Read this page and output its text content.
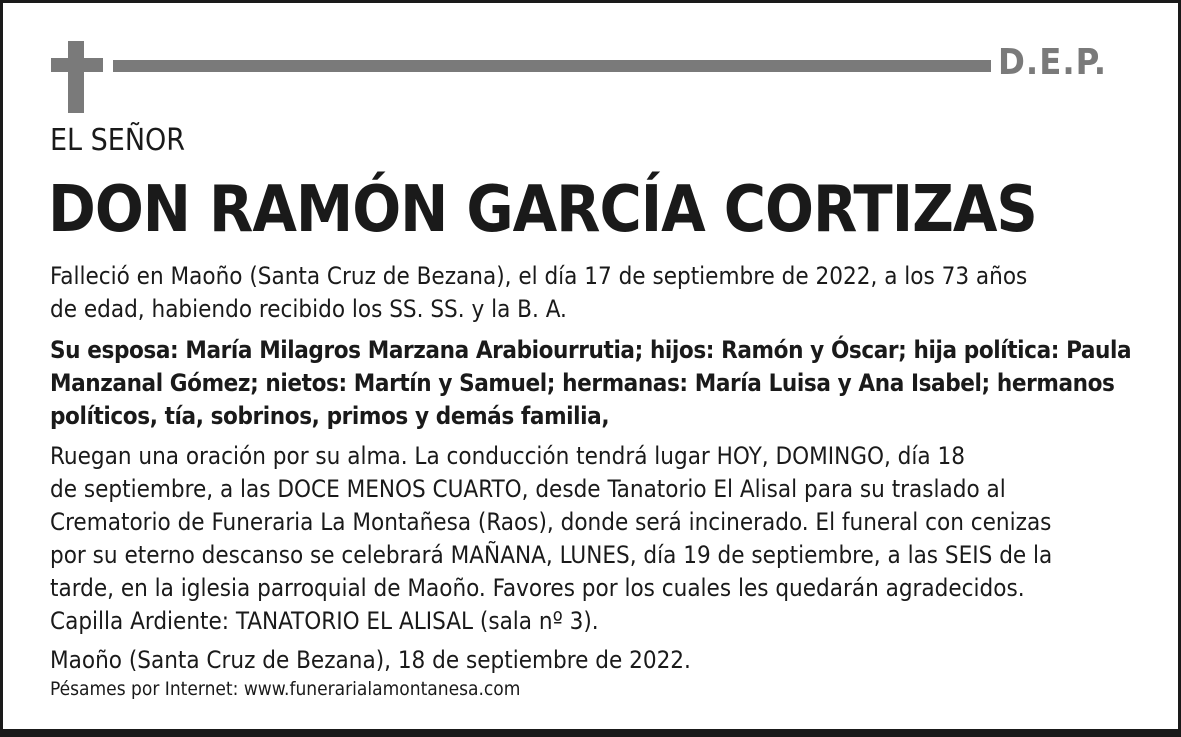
D.E.P.
EL SEÑOR
DON RAMÓN GARCÍA CORTIZAS
Falleció en Maoño (Santa Cruz de Bezana), el día 17 de septiembre de 2022, a los 73 años
de edad, habiendo recibido los SS. SS. y la B. A.
Su esposa: María Milagros Marzana Arabiourrutia; hijos: Ramón y Óscar; hija política: Paula
Manzanal Gómez; nietos: Martín y Samuel; hermanas: María Luisa y Ana Isabel; hermanos
políticos, tía, sobrinos, primos y demás familia,
Ruegan una oración por su alma. La conducción tendrá lugar HOY, DOMINGO, día 18
de septiembre, a las DOCE MENOS CUARTO, desde Tanatorio El Alisal para su traslado al
Crematorio de Funeraria La Montañesa (Raos), donde será incinerado. El funeral con cenizas
por su eterno descanso se celebrará MAÑANA, LUNES, día 19 de septiembre, a las SEIS de la
tarde, en la iglesia parroquial de Maoño. Favores por los cuales les quedarán agradecidos.
Capilla Ardiente: TANATORIO EL ALISAL (sala nº 3).
Maoño (Santa Cruz de Bezana), 18 de septiembre de 2022.
Pésames por Internet: www.funerarialamontanesa.com
